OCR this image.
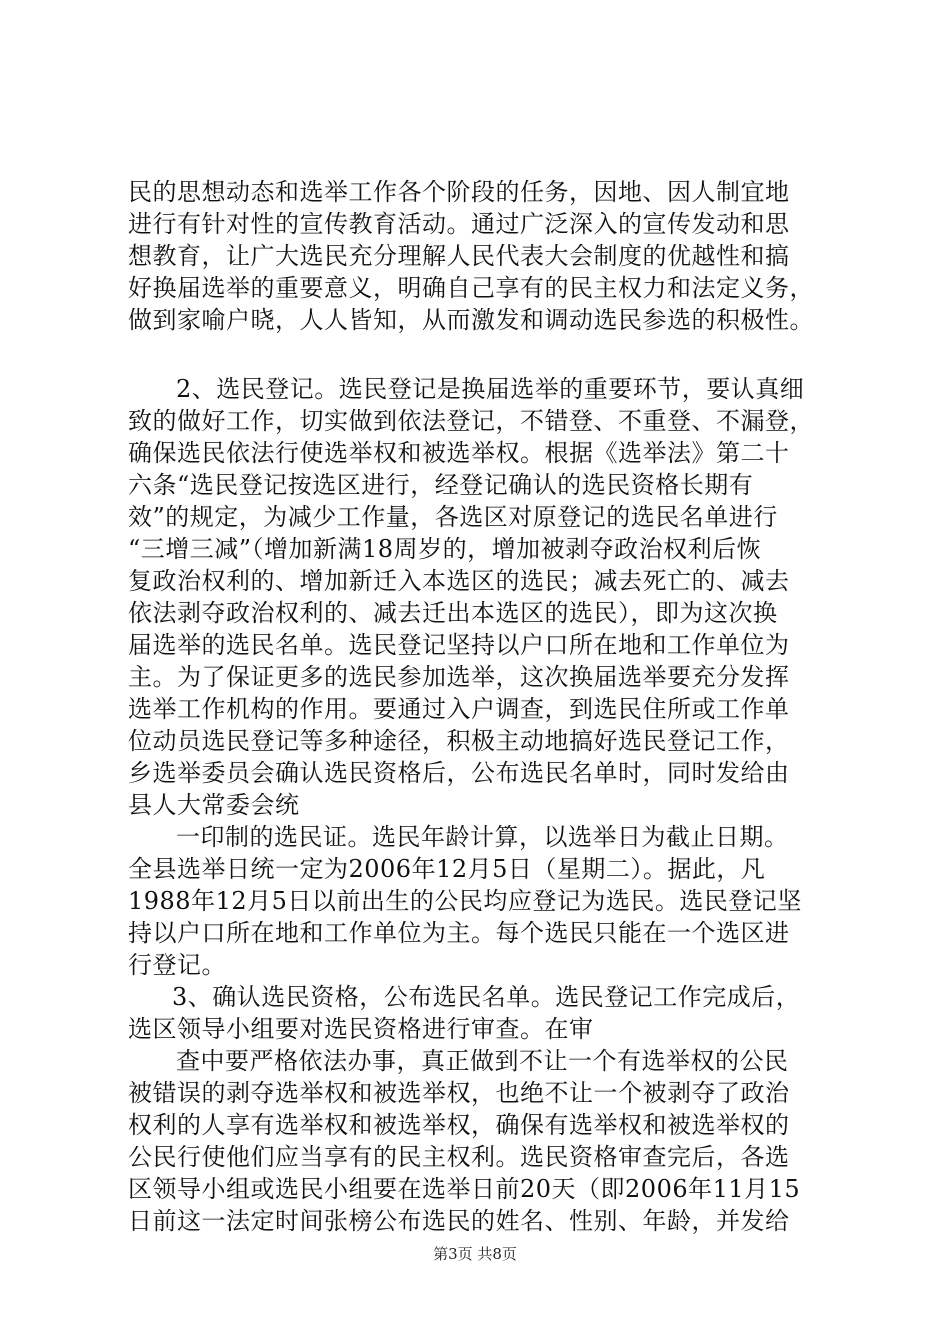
民的思想动态和选举工作各个阶段的任务，因地、因人制宜地
进行有针对性的宣传教育活动。通过广泛深入的宣传发动和思
想教育，让广大选民充分理解人民代表大会制度的优越性和搞
好换届选举的重要意义，明确自己享有的民主权力和法定义务，
做到家喻户晓，人人皆知，从而激发和调动选民参选的积极性。
2、选民登记。选民登记是换届选举的重要环节，要认真细
致的做好工作，切实做到依法登记，不错登、不重登、不漏登，
确保选民依法行使选举权和被选举权。根据《选举法》第二十
六条“选民登记按选区进行，经登记确认的选民资格长期有
效”的规定，为减少工作量，各选区对原登记的选民名单进行
“三增三减”（增加新满18周岁的，增加被剥夺政治权利后恢
复政治权利的、增加新迁入本选区的选民；减去死亡的、减去
依法剥夺政治权利的、减去迁出本选区的选民），即为这次换
届选举的选民名单。选民登记坚持以户口所在地和工作单位为
主。为了保证更多的选民参加选举，这次换届选举要充分发挥
选举工作机构的作用。要通过入户调查，到选民住所或工作单
位动员选民登记等多种途径，积极主动地搞好选民登记工作，
乡选举委员会确认选民资格后，公布选民名单时，同时发给由
县人大常委会统
一印制的选民证。选民年龄计算，以选举日为截止日期。
全县选举日统一定为2006年12月5日（星期二）。据此，凡
1988年12月5日以前出生的公民均应登记为选民。选民登记坚
持以户口所在地和工作单位为主。每个选民只能在一个选区进
行登记。
3、确认选民资格，公布选民名单。选民登记工作完成后，
选区领导小组要对选民资格进行审查。在审
查中要严格依法办事，真正做到不让一个有选举权的公民
被错误的剥夺选举权和被选举权，也绝不让一个被剥夺了政治
权利的人享有选举权和被选举权，确保有选举权和被选举权的
公民行使他们应当享有的民主权利。选民资格审查完后，各选
区领导小组或选民小组要在选举日前20天（即2006年11月15
日前这一法定时间张榜公布选民的姓名、性别、年龄，并发给
第3页 共8页
